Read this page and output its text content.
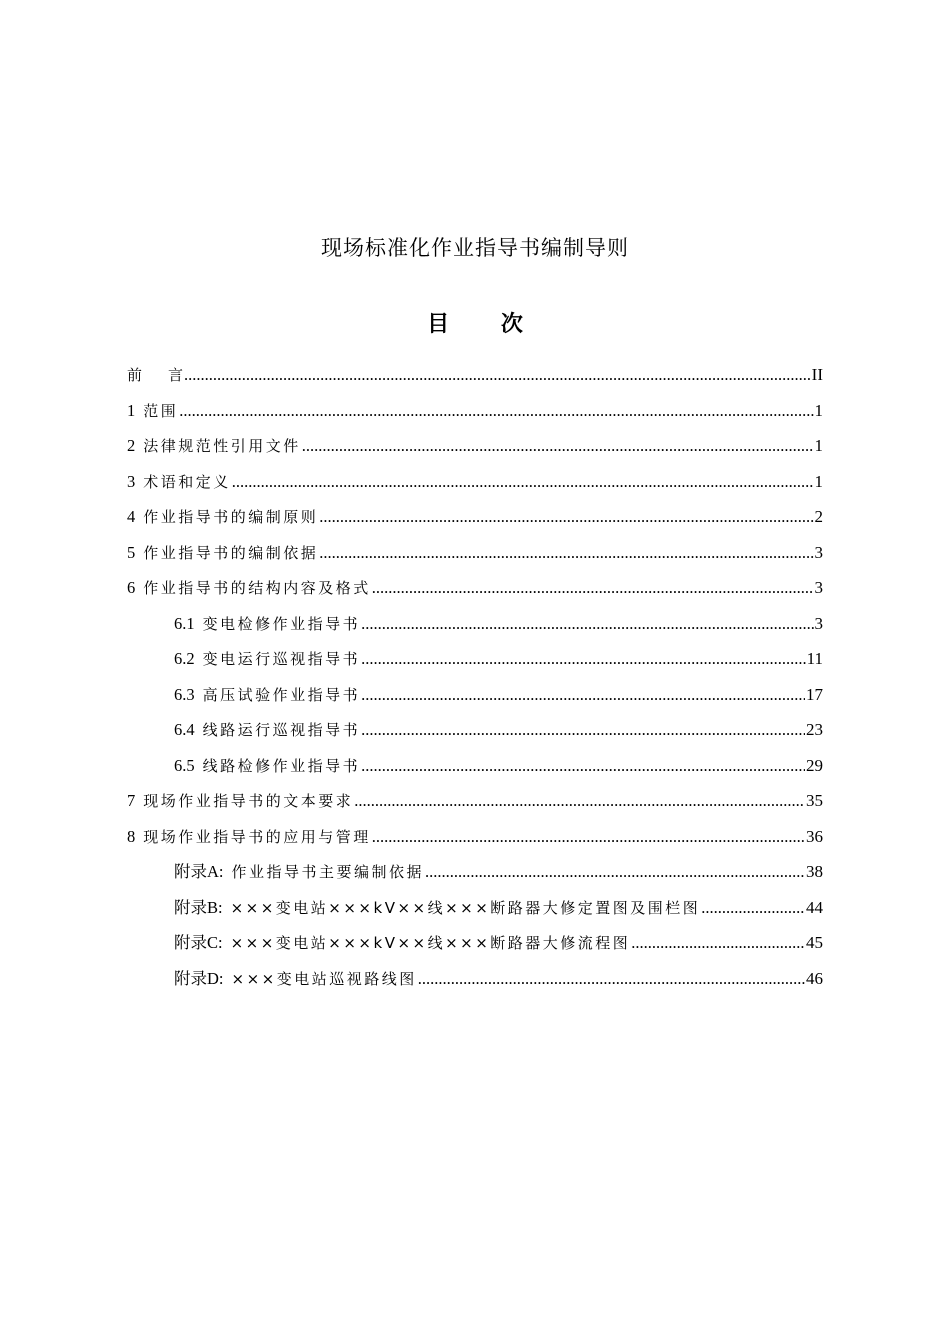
现场标准化作业指导书编制导则
目 次
前 言 .....	II
1 范围 .....	1
2 法律规范性引用文件 .....	1
3 术语和定义 .....	1
4 作业指导书的编制原则 .....	2
5 作业指导书的编制依据 .....	3
6 作业指导书的结构内容及格式 .....	3
6.1 变电检修作业指导书 .....	3
6.2 变电运行巡视指导书 .....	11
6.3 高压试验作业指导书 .....	17
6.4 线路运行巡视指导书 .....	23
6.5 线路检修作业指导书 .....	29
7 现场作业指导书的文本要求 .....	35
8 现场作业指导书的应用与管理 .....	36
附录A: 作业指导书主要编制依据 .....	38
附录B: ×××变电站×××kV××线×××断路器大修定置图及围栏图 .....	44
附录C: ×××变电站×××kV××线×××断路器大修流程图 .....	45
附录D: ×××变电站巡视路线图 .....	46
